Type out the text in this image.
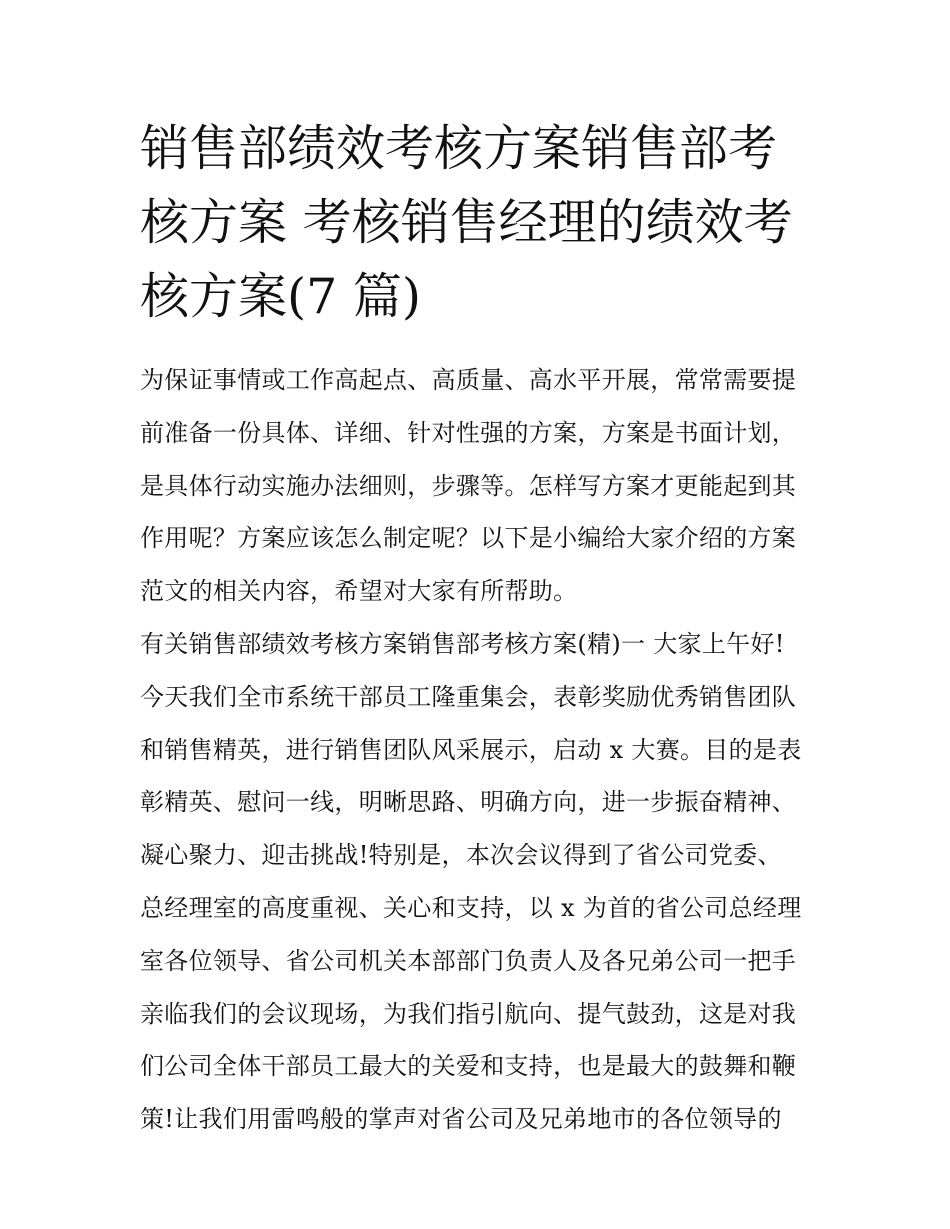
销售部绩效考核方案销售部考
核方案 考核销售经理的绩效考
核方案(7 篇)
为保证事情或工作高起点、高质量、高水平开展，常常需要提
前准备一份具体、详细、针对性强的方案，方案是书面计划，
是具体行动实施办法细则，步骤等。怎样写方案才更能起到其
作用呢？方案应该怎么制定呢？以下是小编给大家介绍的方案
范文的相关内容，希望对大家有所帮助。
有关销售部绩效考核方案销售部考核方案(精)一 大家上午好!
今天我们全市系统干部员工隆重集会，表彰奖励优秀销售团队
和销售精英，进行销售团队风采展示，启动 x 大赛。目的是表
彰精英、慰问一线，明晰思路、明确方向，进一步振奋精神、
凝心聚力、迎击挑战!特别是，本次会议得到了省公司党委、
总经理室的高度重视、关心和支持，以 x 为首的省公司总经理
室各位领导、省公司机关本部部门负责人及各兄弟公司一把手
亲临我们的会议现场，为我们指引航向、提气鼓劲，这是对我
们公司全体干部员工最大的关爱和支持，也是最大的鼓舞和鞭
策!让我们用雷鸣般的掌声对省公司及兄弟地市的各位领导的
